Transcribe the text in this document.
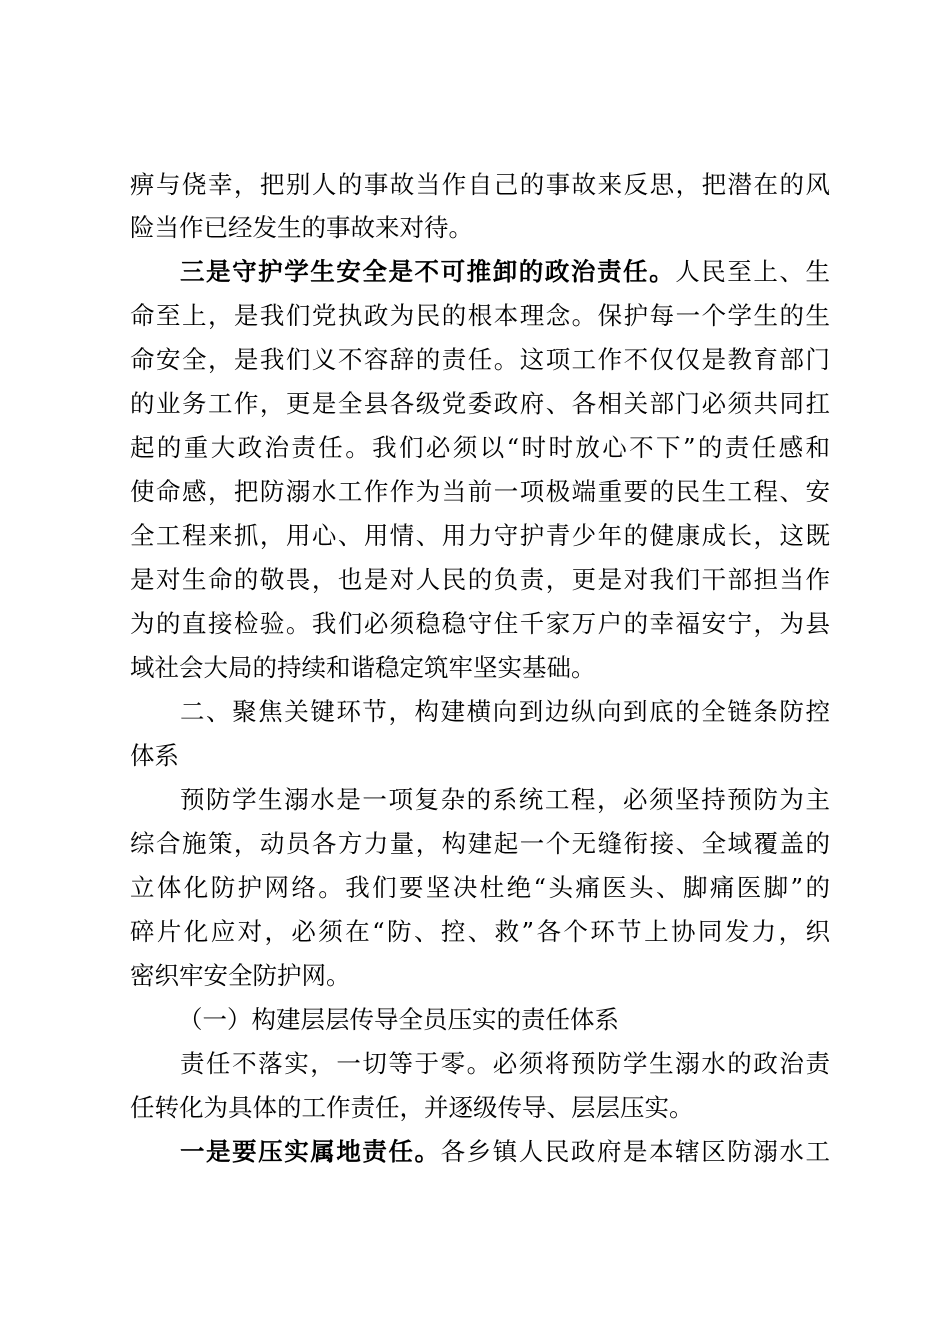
痹与侥幸，把别人的事故当作自己的事故来反思，把潜在的风
险当作已经发生的事故来对待。
三是守护学生安全是不可推卸的政治责任。人民至上、生
命至上，是我们党执政为民的根本理念。保护每一个学生的生
命安全，是我们义不容辞的责任。这项工作不仅仅是教育部门
的业务工作，更是全县各级党委政府、各相关部门必须共同扛
起的重大政治责任。我们必须以“时时放心不下”的责任感和
使命感，把防溺水工作作为当前一项极端重要的民生工程、安
全工程来抓，用心、用情、用力守护青少年的健康成长，这既
是对生命的敬畏，也是对人民的负责，更是对我们干部担当作
为的直接检验。我们必须稳稳守住千家万户的幸福安宁，为县
域社会大局的持续和谐稳定筑牢坚实基础。
二、聚焦关键环节，构建横向到边纵向到底的全链条防控
体系
预防学生溺水是一项复杂的系统工程，必须坚持预防为主
综合施策，动员各方力量，构建起一个无缝衔接、全域覆盖的
立体化防护网络。我们要坚决杜绝“头痛医头、脚痛医脚”的
碎片化应对，必须在“防、控、救”各个环节上协同发力，织
密织牢安全防护网。
（一）构建层层传导全员压实的责任体系
责任不落实，一切等于零。必须将预防学生溺水的政治责
任转化为具体的工作责任，并逐级传导、层层压实。
一是要压实属地责任。各乡镇人民政府是本辖区防溺水工
